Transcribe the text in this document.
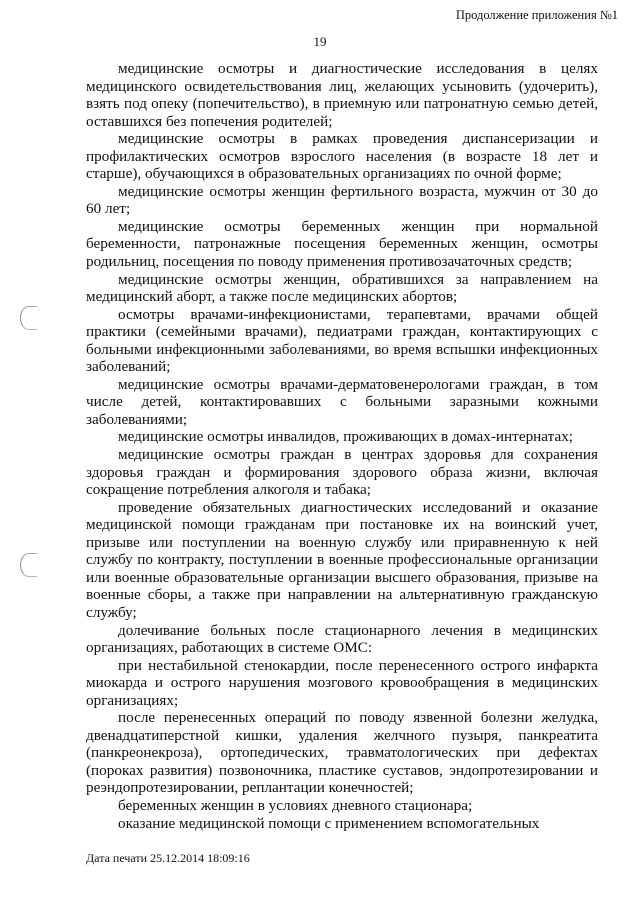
Продолжение приложения №1
19

медицинские осмотры и диагностические исследования в целях медицинского освидетельствования лиц, желающих усыновить (удочерить), взять под опеку (попечительство), в приемную или патронатную семью детей, оставшихся без попечения родителей;

медицинские осмотры в рамках проведения диспансеризации и профилактических осмотров взрослого населения (в возрасте 18 лет и старше), обучающихся в образовательных организациях по очной форме;

медицинские осмотры женщин фертильного возраста, мужчин от 30 до 60 лет;

медицинские осмотры беременных женщин при нормальной беременности, патронажные посещения беременных женщин, осмотры родильниц, посещения по поводу применения противозачаточных средств;

медицинские осмотры женщин, обратившихся за направлением на медицинский аборт, а также после медицинских абортов;

осмотры врачами-инфекционистами, терапевтами, врачами общей практики (семейными врачами), педиатрами граждан, контактирующих с больными инфекционными заболеваниями, во время вспышки инфекционных заболеваний;

медицинские осмотры врачами-дерматовенерологами граждан, в том числе детей, контактировавших с больными заразными кожными заболеваниями;

медицинские осмотры инвалидов, проживающих в домах-интернатах;

медицинские осмотры граждан в центрах здоровья для сохранения здоровья граждан и формирования здорового образа жизни, включая сокращение потребления алкоголя и табака;

проведение обязательных диагностических исследований и оказание медицинской помощи гражданам при постановке их на воинский учет, призыве или поступлении на военную службу или приравненную к ней службу по контракту, поступлении в военные профессиональные организации или военные образовательные организации высшего образования, призыве на военные сборы, а также при направлении на альтернативную гражданскую службу;

долечивание больных после стационарного лечения в медицинских организациях, работающих в системе ОМС:

при нестабильной стенокардии, после перенесенного острого инфаркта миокарда и острого нарушения мозгового кровообращения в медицинских организациях;

после перенесенных операций по поводу язвенной болезни желудка, двенадцатиперстной кишки, удаления желчного пузыря, панкреатита (панкреонекроза), ортопедических, травматологических при дефектах (пороках развития) позвоночника, пластике суставов, эндопротезировании и реэндопротезировании, реплантации конечностей;

беременных женщин в условиях дневного стационара;

оказание медицинской помощи с применением вспомогательных

Дата печати 25.12.2014 18:09:16
